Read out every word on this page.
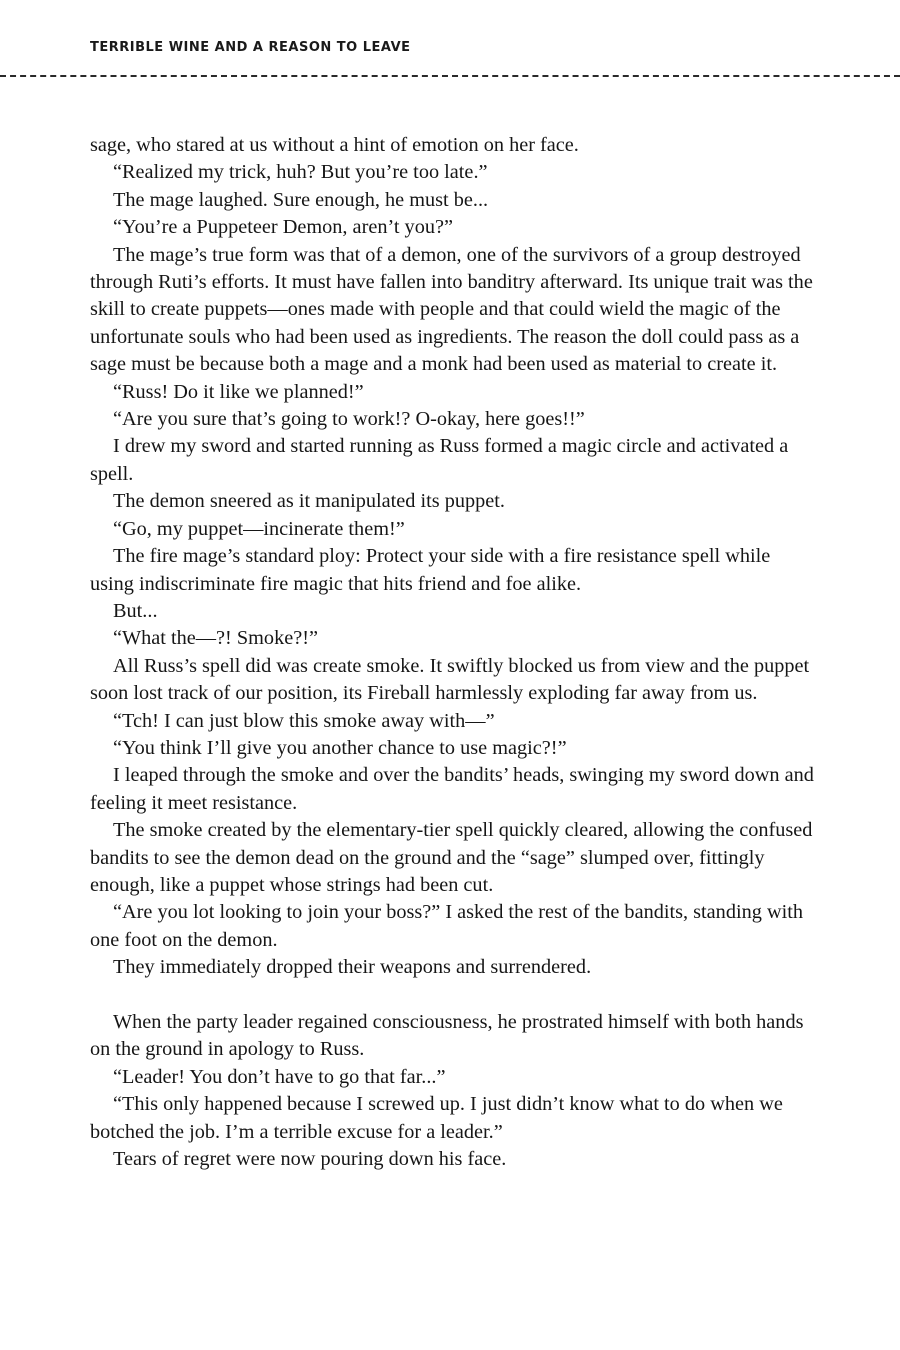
TERRIBLE WINE AND A REASON TO LEAVE

sage, who stared at us without a hint of emotion on her face.

“Realized my trick, huh? But you’re too late.”

The mage laughed. Sure enough, he must be...

“You’re a Puppeteer Demon, aren’t you?”

The mage’s true form was that of a demon, one of the survivors of a group destroyed through Ruti’s efforts. It must have fallen into banditry afterward. Its unique trait was the skill to create puppets—ones made with people and that could wield the magic of the unfortunate souls who had been used as ingredients. The reason the doll could pass as a sage must be because both a mage and a monk had been used as material to create it.

“Russ! Do it like we planned!”

“Are you sure that’s going to work!? O-okay, here goes!!”

I drew my sword and started running as Russ formed a magic circle and activated a spell.

The demon sneered as it manipulated its puppet.

“Go, my puppet—incinerate them!”

The fire mage’s standard ploy: Protect your side with a fire resistance spell while using indiscriminate fire magic that hits friend and foe alike.

But...

“What the—?! Smoke?!”

All Russ’s spell did was create smoke. It swiftly blocked us from view and the puppet soon lost track of our position, its Fireball harmlessly exploding far away from us.

“Tch! I can just blow this smoke away with—”

“You think I’ll give you another chance to use magic?!”

I leaped through the smoke and over the bandits’ heads, swinging my sword down and feeling it meet resistance.

The smoke created by the elementary-tier spell quickly cleared, allowing the confused bandits to see the demon dead on the ground and the “sage” slumped over, fittingly enough, like a puppet whose strings had been cut.

“Are you lot looking to join your boss?” I asked the rest of the bandits, standing with one foot on the demon.

They immediately dropped their weapons and surrendered.

When the party leader regained consciousness, he prostrated himself with both hands on the ground in apology to Russ.

“Leader! You don’t have to go that far...”

“This only happened because I screwed up. I just didn’t know what to do when we botched the job. I’m a terrible excuse for a leader.”

Tears of regret were now pouring down his face.
